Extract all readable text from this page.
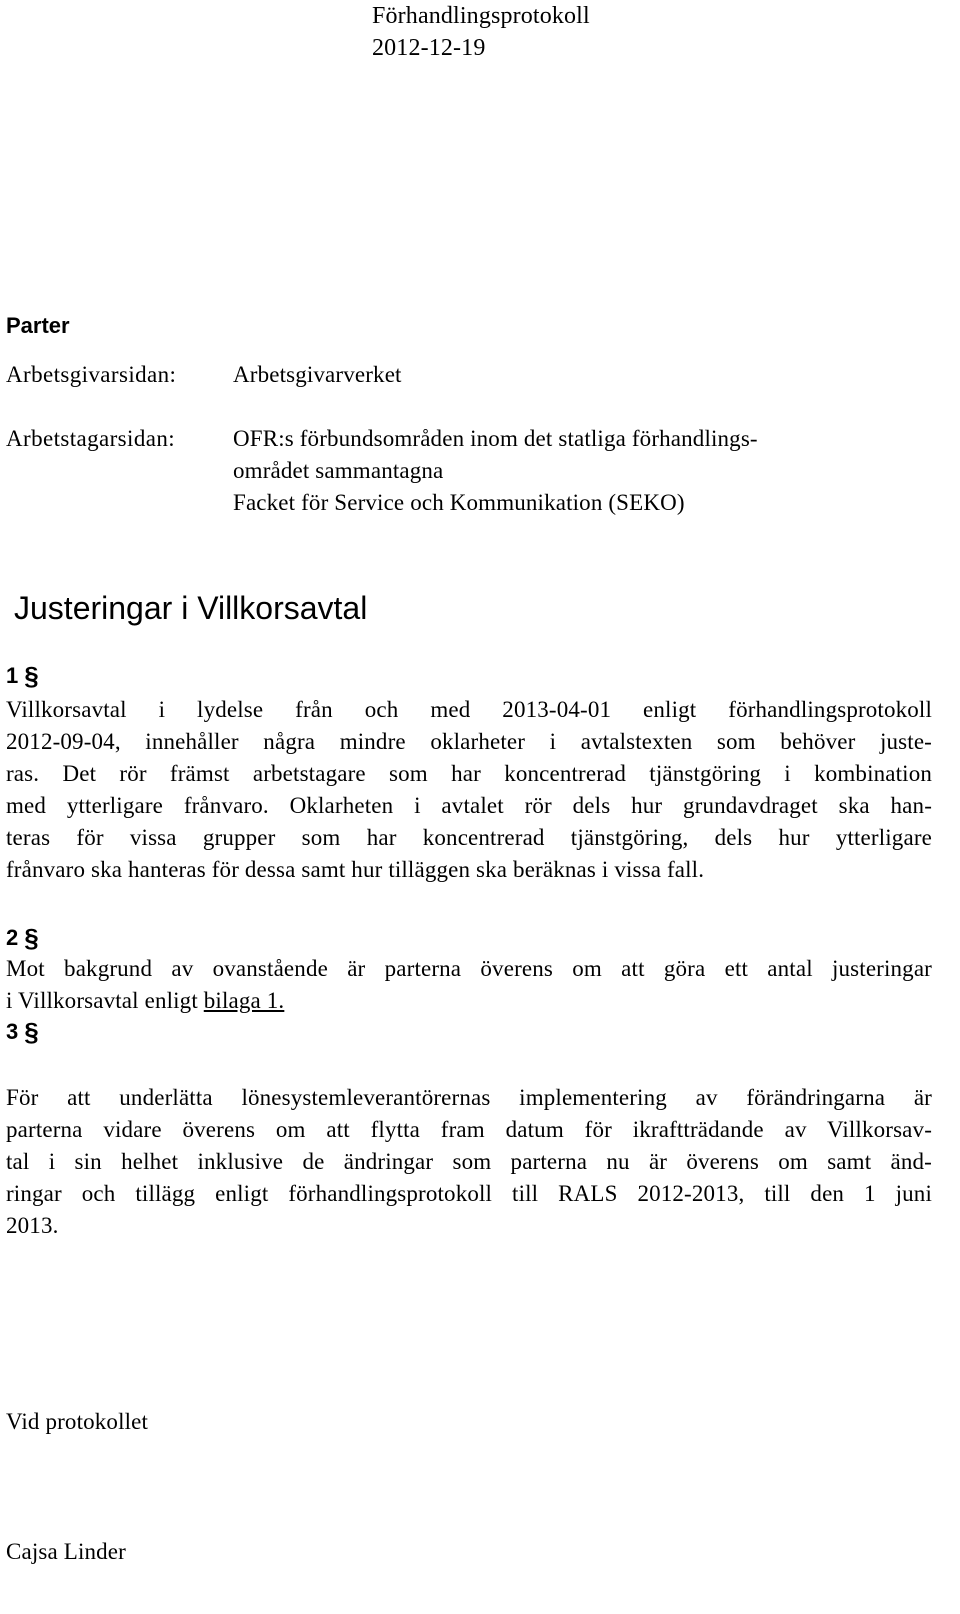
Förhandlingsprotokoll
2012-12-19
Parter
Arbetsgivarsidan: Arbetsgivarverket
Arbetstagarsidan:	OFR:s förbundsområden inom det statliga förhandlings-
området sammantagna
Facket för Service och Kommunikation (SEKO)
Justeringar i Villkorsavtal
1 §
Villkorsavtal i lydelse från och med 2013-04-01 enligt förhandlingsprotokoll
2012-09-04, innehåller några mindre oklarheter i avtalstexten som behöver juste-
ras. Det rör främst arbetstagare som har koncentrerad tjänstgöring i kombination
med ytterligare frånvaro. Oklarheten i avtalet rör dels hur grundavdraget ska han-
teras för vissa grupper som har koncentrerad tjänstgöring, dels hur ytterligare
frånvaro ska hanteras för dessa samt hur tilläggen ska beräknas i vissa fall.
2 §
Mot bakgrund av ovanstående är parterna överens om att göra ett antal justeringar
i Villkorsavtal enligt bilaga 1.
3 §
För att underlätta lönesystemleverantörernas implementering av förändringarna är
parterna vidare överens om att flytta fram datum för ikraftträdande av Villkorsav-
tal i sin helhet inklusive de ändringar som parterna nu är överens om samt änd-
ringar och tillägg enligt förhandlingsprotokoll till RALS 2012-2013, till den 1 juni
2013.
Vid protokollet
Cajsa Linder
